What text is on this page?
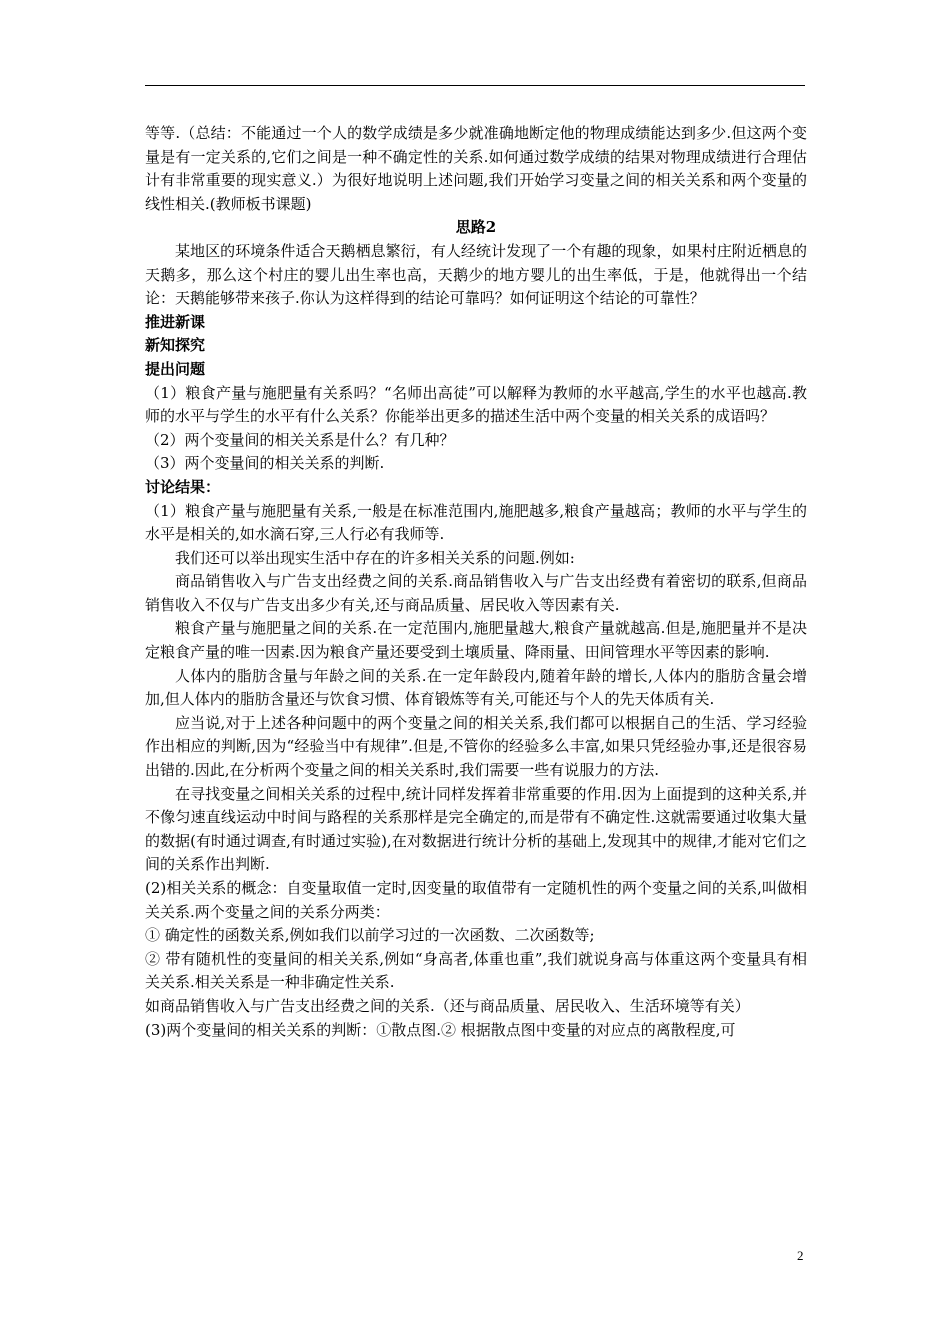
等等.（总结：不能通过一个人的数学成绩是多少就准确地断定他的物理成绩能达到多少.但这两个变量是有一定关系的,它们之间是一种不确定性的关系.如何通过数学成绩的结果对物理成绩进行合理估计有非常重要的现实意义.）为很好地说明上述问题,我们开始学习变量之间的相关关系和两个变量的线性相关.(教师板书课题)

思路2

某地区的环境条件适合天鹅栖息繁衍，有人经统计发现了一个有趣的现象，如果村庄附近栖息的天鹅多，那么这个村庄的婴儿出生率也高，天鹅少的地方婴儿的出生率低，于是，他就得出一个结论：天鹅能够带来孩子.你认为这样得到的结论可靠吗？如何证明这个结论的可靠性？

推进新课

新知探究

提出问题

（1）粮食产量与施肥量有关系吗？“名师出高徒”可以解释为教师的水平越高,学生的水平也越高.教师的水平与学生的水平有什么关系？你能举出更多的描述生活中两个变量的相关关系的成语吗？

（2）两个变量间的相关关系是什么？有几种？

（3）两个变量间的相关关系的判断.

讨论结果：

（1）粮食产量与施肥量有关系,一般是在标准范围内,施肥越多,粮食产量越高；教师的水平与学生的水平是相关的,如水滴石穿,三人行必有我师等.

我们还可以举出现实生活中存在的许多相关关系的问题.例如:

商品销售收入与广告支出经费之间的关系.商品销售收入与广告支出经费有着密切的联系,但商品销售收入不仅与广告支出多少有关,还与商品质量、居民收入等因素有关.

粮食产量与施肥量之间的关系.在一定范围内,施肥量越大,粮食产量就越高.但是,施肥量并不是决定粮食产量的唯一因素.因为粮食产量还要受到土壤质量、降雨量、田间管理水平等因素的影响.

人体内的脂肪含量与年龄之间的关系.在一定年龄段内,随着年龄的增长,人体内的脂肪含量会增加,但人体内的脂肪含量还与饮食习惯、体育锻炼等有关,可能还与个人的先天体质有关.

应当说,对于上述各种问题中的两个变量之间的相关关系,我们都可以根据自己的生活、学习经验作出相应的判断,因为“经验当中有规律”.但是,不管你的经验多么丰富,如果只凭经验办事,还是很容易出错的.因此,在分析两个变量之间的相关关系时,我们需要一些有说服力的方法.

在寻找变量之间相关关系的过程中,统计同样发挥着非常重要的作用.因为上面提到的这种关系,并不像匀速直线运动中时间与路程的关系那样是完全确定的,而是带有不确定性.这就需要通过收集大量的数据(有时通过调查,有时通过实验),在对数据进行统计分析的基础上,发现其中的规律,才能对它们之间的关系作出判断.

(2)相关关系的概念：自变量取值一定时,因变量的取值带有一定随机性的两个变量之间的关系,叫做相关关系.两个变量之间的关系分两类：

① 确定性的函数关系,例如我们以前学习过的一次函数、二次函数等;

② 带有随机性的变量间的相关关系,例如“身高者,体重也重”,我们就说身高与体重这两个变量具有相关关系.相关关系是一种非确定性关系.

如商品销售收入与广告支出经费之间的关系.（还与商品质量、居民收入、生活环境等有关）

(3)两个变量间的相关关系的判断：①散点图.② 根据散点图中变量的对应点的离散程度,可

2
